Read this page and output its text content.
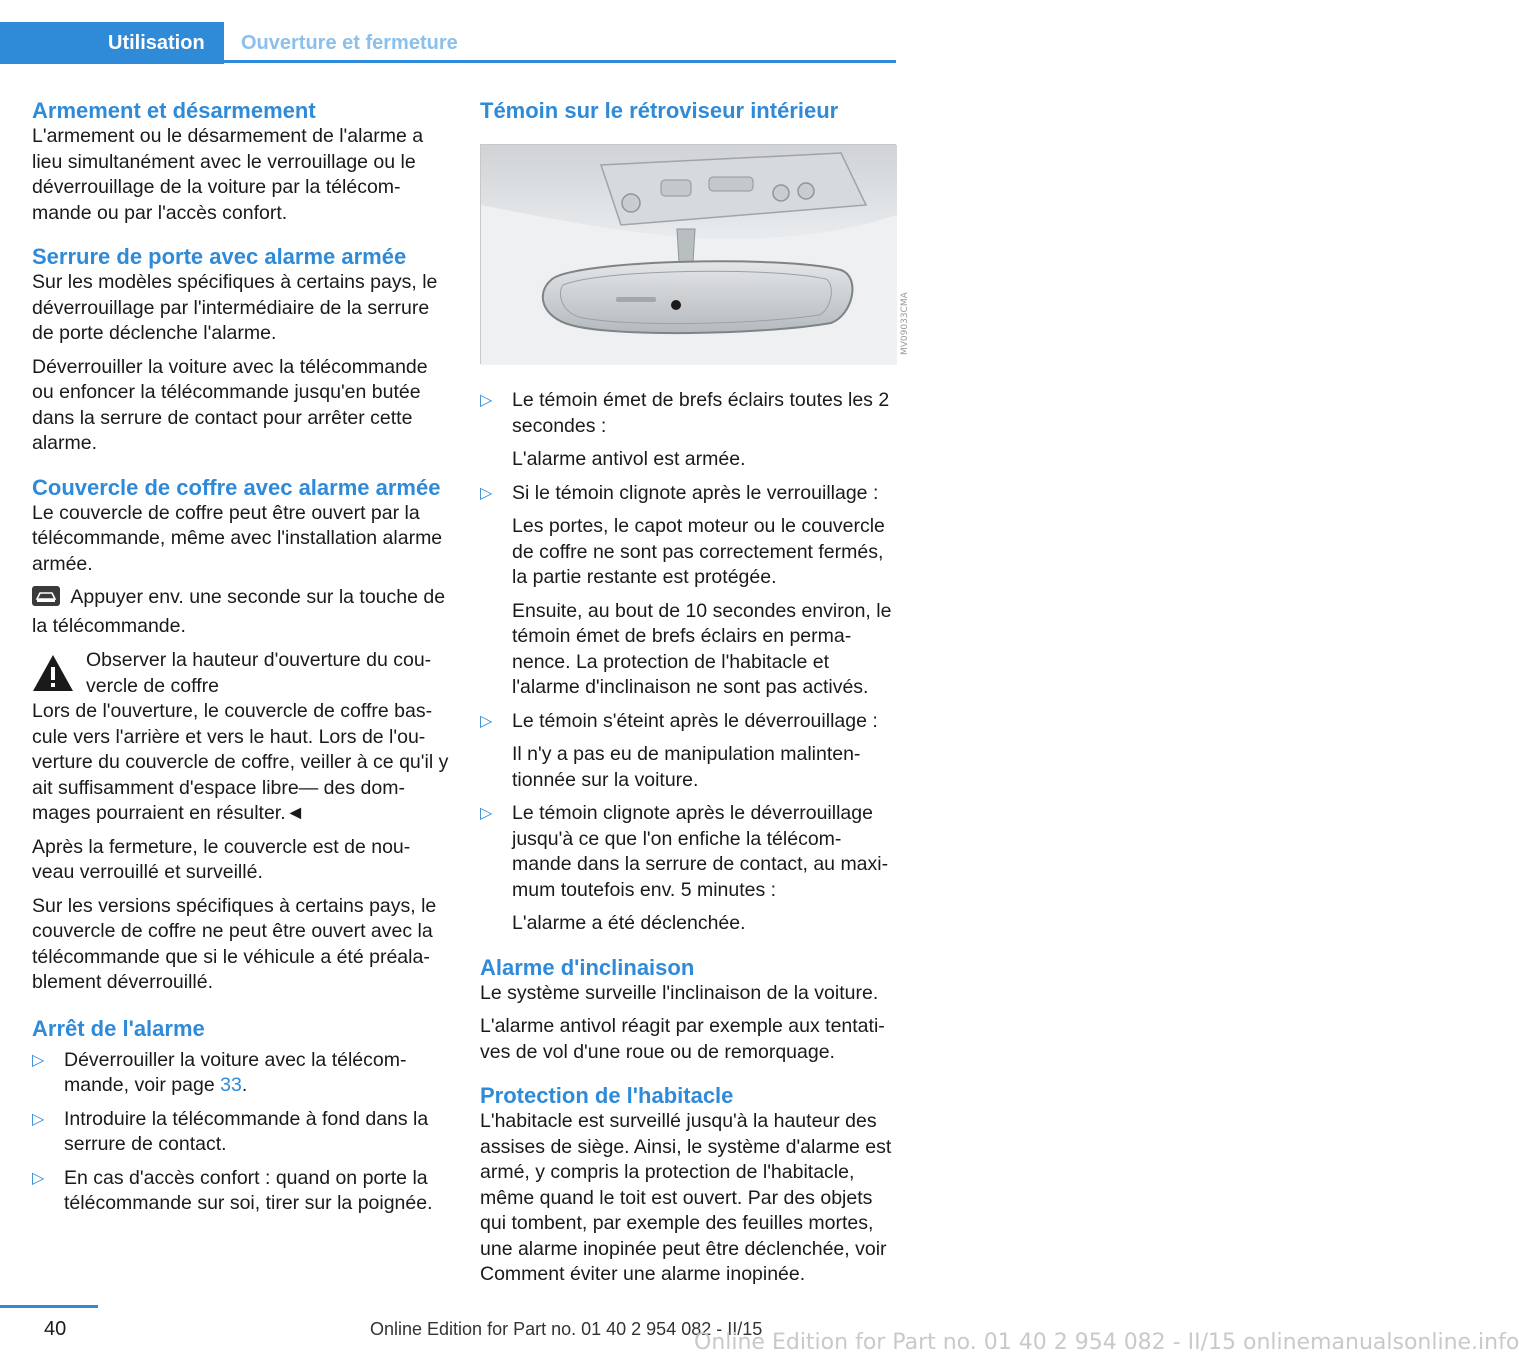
Utilisation	Ouverture et fermeture
Armement et désarmement

L'armement ou le désarmement de l'alarme a lieu simultanément avec le verrouillage ou le déverrouillage de la voiture par la télécom-mande ou par l'accès confort.

Serrure de porte avec alarme armée

Sur les modèles spécifiques à certains pays, le déverrouillage par l'intermédiaire de la serrure de porte déclenche l'alarme.

Déverrouiller la voiture avec la télécommande ou enfoncer la télécommande jusqu'en butée dans la serrure de contact pour arrêter cette alarme.

Couvercle de coffre avec alarme armée

Le couvercle de coffre peut être ouvert par la télécommande, même avec l'installation alarme armée.

Appuyer env. une seconde sur la touche de la télécommande.

Observer la hauteur d'ouverture du cou-vercle de coffre

Lors de l'ouverture, le couvercle de coffre bas-cule vers l'arrière et vers le haut. Lors de l'ou-verture du couvercle de coffre, veiller à ce qu'il y ait suffisamment d'espace libre— des dom-mages pourraient en résulter.◄

Après la fermeture, le couvercle est de nou-veau verrouillé et surveillé.

Sur les versions spécifiques à certains pays, le couvercle de coffre ne peut être ouvert avec la télécommande que si le véhicule a été préala-blement déverrouillé.

Arrêt de l'alarme
▷ Déverrouiller la voiture avec la télécom-mande, voir page 33.
▷ Introduire la télécommande à fond dans la serrure de contact.
▷ En cas d'accès confort : quand on porte la télécommande sur soi, tirer sur la poignée.
Témoin sur le rétroviseur intérieur
MV09033CMA
▷ Le témoin émet de brefs éclairs toutes les 2 secondes :
L'alarme antivol est armée.
▷ Si le témoin clignote après le verrouillage :
Les portes, le capot moteur ou le couvercle de coffre ne sont pas correctement fermés, la partie restante est protégée.
Ensuite, au bout de 10 secondes environ, le témoin émet de brefs éclairs en perma-nence. La protection de l'habitacle et l'alarme d'inclinaison ne sont pas activés.
▷ Le témoin s'éteint après le déverrouillage :
Il n'y a pas eu de manipulation malinten-tionnée sur la voiture.
▷ Le témoin clignote après le déverrouillage jusqu'à ce que l'on enfiche la télécom-mande dans la serrure de contact, au maxi-mum toutefois env. 5 minutes :
L'alarme a été déclenchée.
Alarme d'inclinaison

Le système surveille l'inclinaison de la voiture.

L'alarme antivol réagit par exemple aux tentati-ves de vol d'une roue ou de remorquage.

Protection de l'habitacle

L'habitacle est surveillé jusqu'à la hauteur des assises de siège. Ainsi, le système d'alarme est armé, y compris la protection de l'habitacle, même quand le toit est ouvert. Par des objets qui tombent, par exemple des feuilles mortes, une alarme inopinée peut être déclenchée, voir Comment éviter une alarme inopinée.

40	Online Edition for Part no. 01 40 2 954 082 - II/15
Online Edition for Part no. 01 40 2 954 082 - II/15 onlinemanualsonline.info
